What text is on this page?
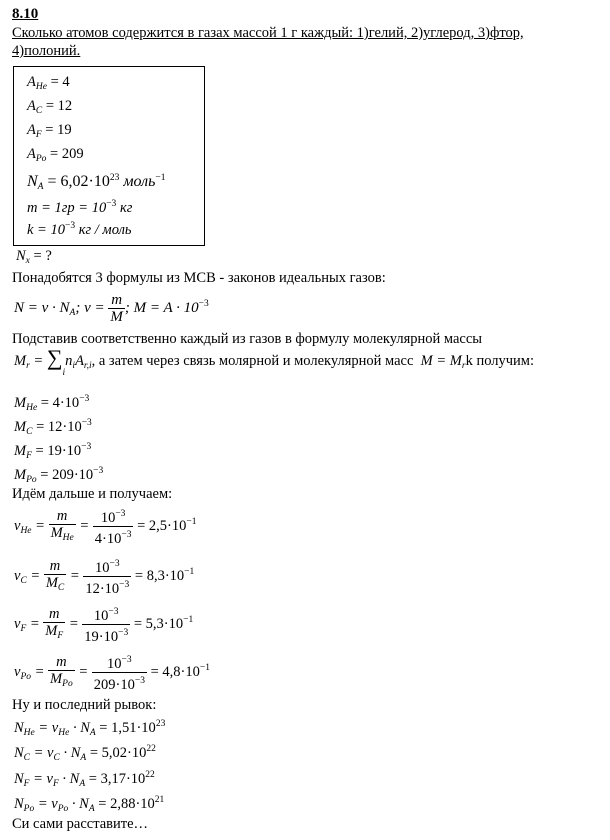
8.10
Сколько атомов содержится в газах массой 1 г каждый: 1)гелий, 2)углерод, 3)фтор,
4)полоний.
$A_{He} = 4$
$A_C = 12$
$A_F = 19$
$A_{Po} = 209$
$N_A = 6,02\cdot 10^{23}$ моль$^{-1}$
$m = 1гр = 10^{-3}$ кг
$k = 10^{-3}$ кг / моль
$N_x$ = ?
Понадобятся 3 формулы из МСВ - законов идеальных газов:
$N = \nu \cdot N_A$; $\nu = \frac{m}{M}$ ; $M = A \cdot 10^{-3}$
Подставив соответственно каждый из газов в формулу молекулярной массы
$M_r = \sum_in_iA_{r,i}$, а затем через связь молярной и молекулярной масс $M = M_rk$ получим:
$M_{He} = 4\cdot 10^{-3}$
$M_C = 12\cdot 10^{-3}$
$M_F = 19\cdot 10^{-3}$
$M_{Po} = 209\cdot 10^{-3}$
Идём дальше и получаем:
$\nu_{He} = \frac{m}{M_{He}} = \frac{10^{-3}}{4\cdot 10^{-3}} = 2,5\cdot 10^{-1}$
$\nu_C = \frac{m}{M_C} = \frac{10^{-3}}{12\cdot 10^{-3}} = 8,3\cdot 10^{-1}$
$\nu_F = \frac{m}{M_F} = \frac{10^{-3}}{19\cdot 10^{-3}} = 5,3\cdot 10^{-1}$
$\nu_{Po} = \frac{m}{M_{Po}} = \frac{10^{-3}}{209\cdot 10^{-3}} = 4,8\cdot 10^{-1}$
Ну и последний рывок:
$N_{He} = \nu_{He} \cdot N_A = 1,51\cdot 10^{23}$
$N_C = \nu_C \cdot N_A = 5,02\cdot 10^{22}$
$N_F = \nu_F \cdot N_A = 3,17\cdot 10^{22}$
$N_{Po} = \nu_{Po} \cdot N_A = 2,88\cdot 10^{21}$
Си сами расставите…
